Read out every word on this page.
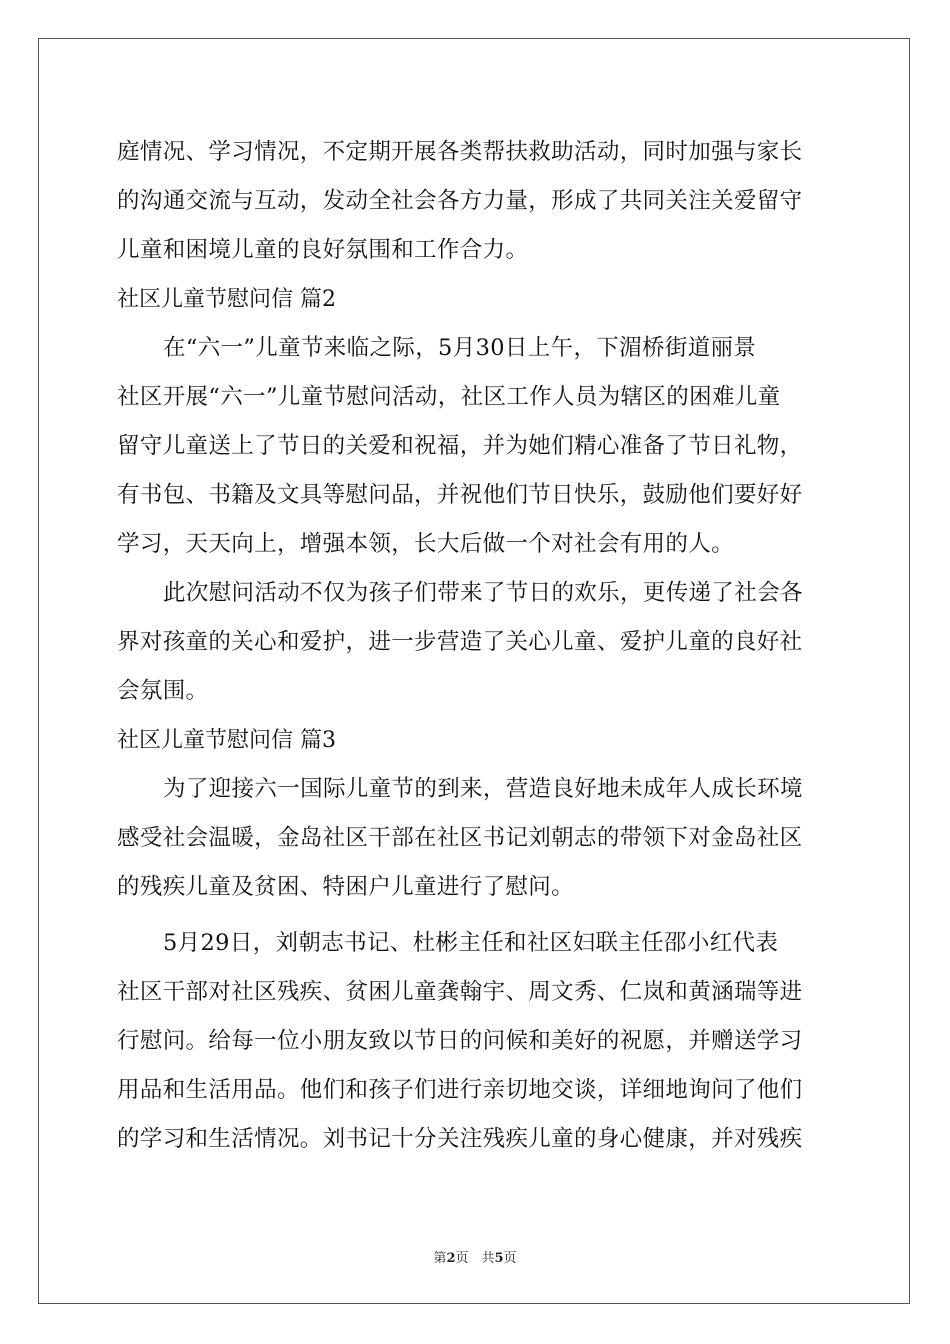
庭情况、学习情况，不定期开展各类帮扶救助活动，同时加强与家长
的沟通交流与互动，发动全社会各方力量，形成了共同关注关爱留守
儿童和困境儿童的良好氛围和工作合力。
社区儿童节慰问信 篇2
在“六一”儿童节来临之际，5月30日上午，下湄桥街道丽景
社区开展“六一”儿童节慰问活动，社区工作人员为辖区的困难儿童
留守儿童送上了节日的关爱和祝福，并为她们精心准备了节日礼物，
有书包、书籍及文具等慰问品，并祝他们节日快乐，鼓励他们要好好
学习，天天向上，增强本领，长大后做一个对社会有用的人。
此次慰问活动不仅为孩子们带来了节日的欢乐，更传递了社会各
界对孩童的关心和爱护，进一步营造了关心儿童、爱护儿童的良好社
会氛围。
社区儿童节慰问信 篇3
为了迎接六一国际儿童节的到来，营造良好地未成年人成长环境
感受社会温暖，金岛社区干部在社区书记刘朝志的带领下对金岛社区
的残疾儿童及贫困、特困户儿童进行了慰问。
5月29日，刘朝志书记、杜彬主任和社区妇联主任邵小红代表
社区干部对社区残疾、贫困儿童龚翰宇、周文秀、仁岚和黄涵瑞等进
行慰问。给每一位小朋友致以节日的问候和美好的祝愿，并赠送学习
用品和生活用品。他们和孩子们进行亲切地交谈，详细地询问了他们
的学习和生活情况。刘书记十分关注残疾儿童的身心健康，并对残疾
第2页　共5页
